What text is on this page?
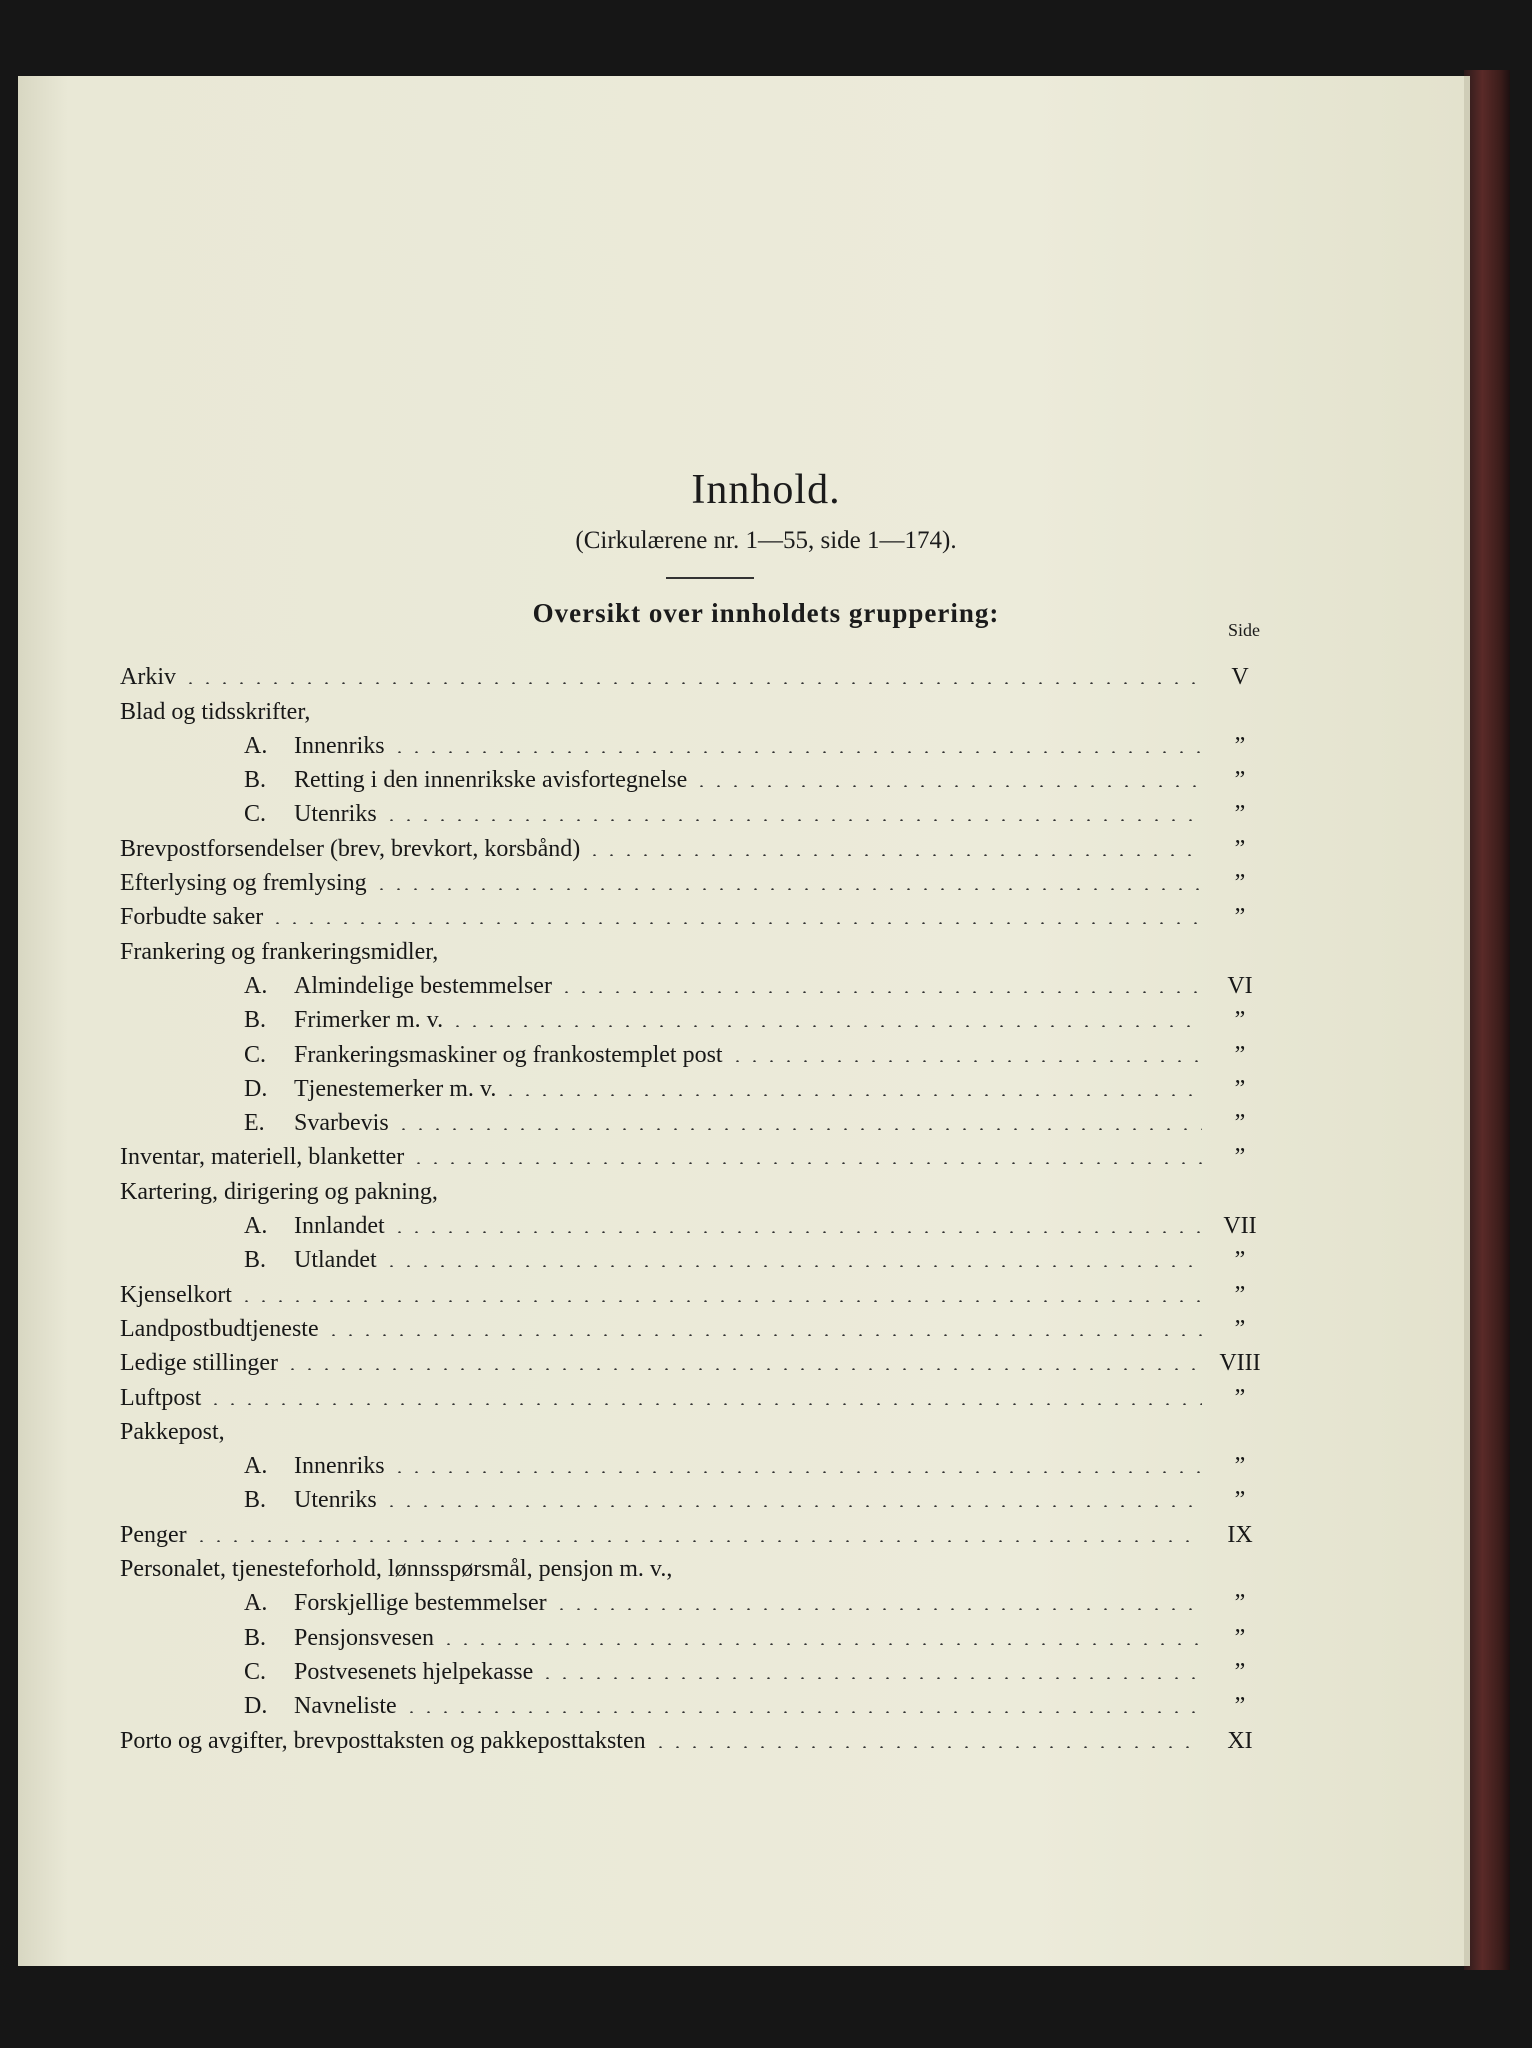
Innhold.
(Cirkulærene nr. 1—55, side 1—174).
Oversikt over innholdets gruppering:
Side
Arkiv	V
Blad og tidsskrifter,
A.	Innenriks	”
B.	Retting i den innenrikske avisfortegnelse	”
C.	Utenriks	”
Brevpostforsendelser (brev, brevkort, korsbånd)	”
Efterlysing og fremlysing	”
Forbudte saker	”
Frankering og frankeringsmidler,
A.	Almindelige bestemmelser	VI
B.	Frimerker m. v.	”
C.	Frankeringsmaskiner og frankostemplet post	”
D.	Tjenestemerker m. v.	”
E.	Svarbevis	”
Inventar, materiell, blanketter	”
Kartering, dirigering og pakning,
A.	Innlandet	VII
B.	Utlandet	”
Kjenselkort	”
Landpostbudtjeneste	”
Ledige stillinger	VIII
Luftpost	”
Pakkepost,
A.	Innenriks	”
B.	Utenriks	”
Penger	IX
Personalet, tjenesteforhold, lønnsspørsmål, pensjon m. v.,
A.	Forskjellige bestemmelser	”
B.	Pensjonsvesen	”
C.	Postvesenets hjelpekasse	”
D.	Navneliste	”
Porto og avgifter, brevposttaksten og pakkeposttaksten	XI
